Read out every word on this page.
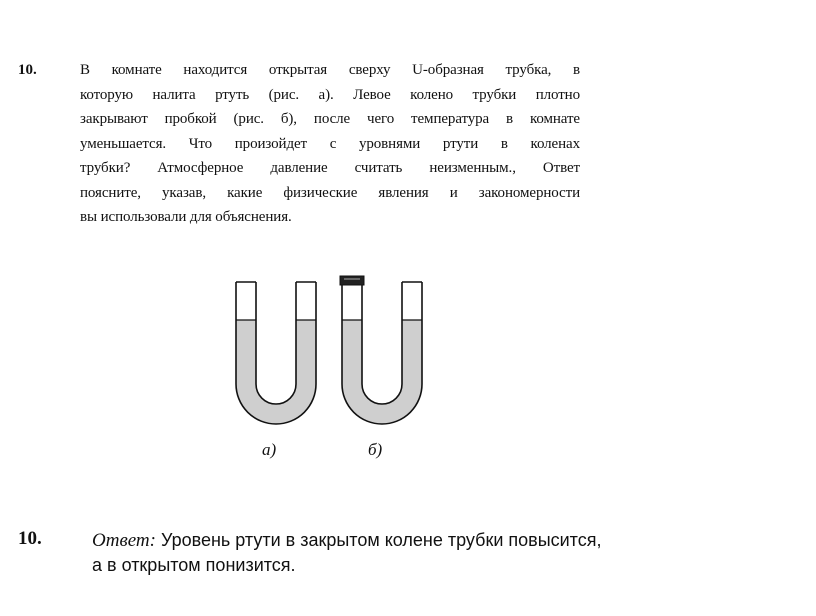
10.	В комнате находится открытая сверху U-образная трубка, в
которую налита ртуть (рис. а). Левое колено трубки плотно
закрывают пробкой (рис. б), после чего температура в комнате
уменьшается. Что произойдет с уровнями ртути в коленах
трубки? Атмосферное давление считать неизменным., Ответ
поясните, указав, какие физические явления и закономерности
вы использовали для объяснения.
а)	б)
10.	Ответ: Уровень ртути в закрытом колене трубки повысится,
а в открытом понизится.
